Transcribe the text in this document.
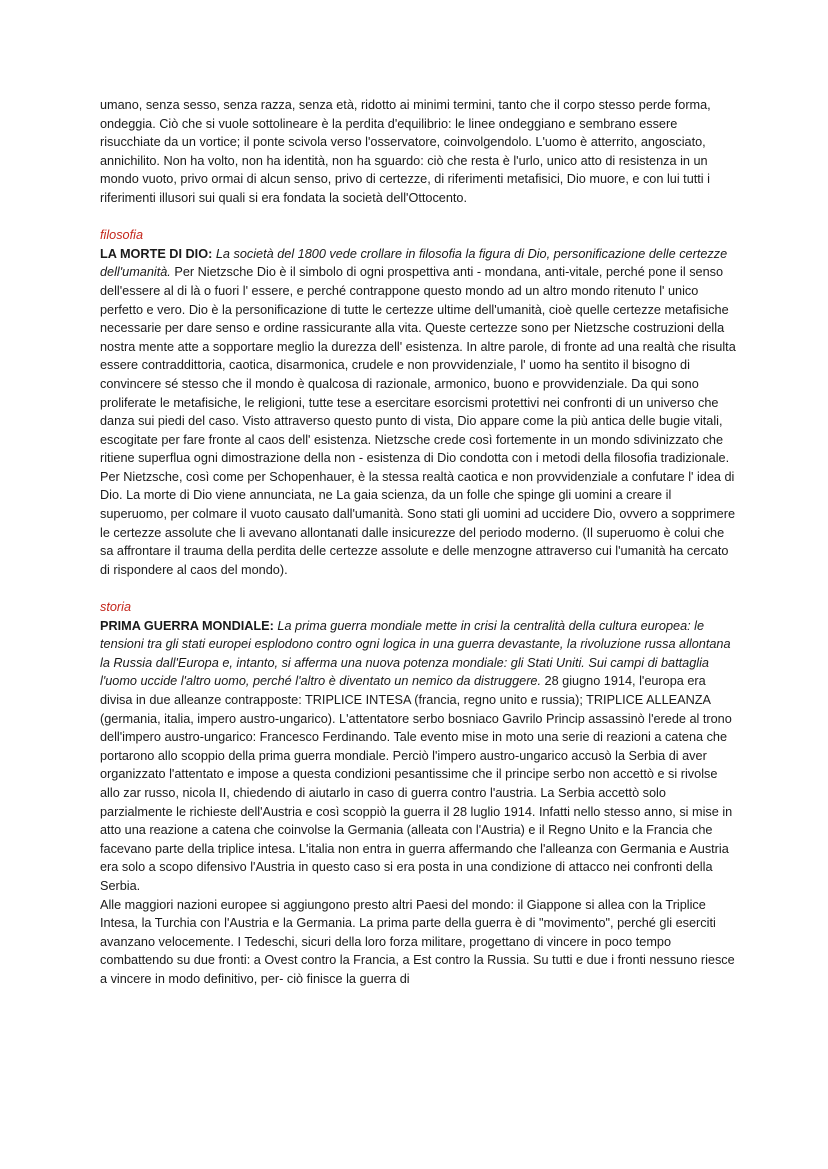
umano, senza sesso, senza razza, senza età, ridotto ai minimi termini, tanto che il corpo stesso perde forma, ondeggia. Ciò che si vuole sottolineare è la perdita d'equilibrio: le linee ondeggiano e sembrano essere risucchiate da un vortice; il ponte scivola verso l'osservatore, coinvolgendolo. L'uomo è atterrito, angosciato, annichilito. Non ha volto, non ha identità, non ha sguardo: ciò che resta è l'urlo, unico atto di resistenza in un mondo vuoto, privo ormai di alcun senso, privo di certezze, di riferimenti metafisici, Dio muore, e con lui tutti i riferimenti illusori sui quali si era fondata la società dell'Ottocento.

filosofia

LA MORTE DI DIO: La società del 1800 vede crollare in filosofia la figura di Dio, personificazione delle certezze dell'umanità. Per Nietzsche Dio è il simbolo di ogni prospettiva anti - mondana, anti-vitale, perché pone il senso dell'essere al di là o fuori l' essere, e perché contrappone questo mondo ad un altro mondo ritenuto l' unico perfetto e vero. Dio è la personificazione di tutte le certezze ultime dell'umanità, cioè quelle certezze metafisiche necessarie per dare senso e ordine rassicurante alla vita. Queste certezze sono per Nietzsche costruzioni della nostra mente atte a sopportare meglio la durezza dell' esistenza. In altre parole, di fronte ad una realtà che risulta essere contraddittoria, caotica, disarmonica, crudele e non provvidenziale, l' uomo ha sentito il bisogno di convincere sé stesso che il mondo è qualcosa di razionale, armonico, buono e provvidenziale. Da qui sono proliferate le metafisiche, le religioni, tutte tese a esercitare esorcismi protettivi nei confronti di un universo che danza sui piedi del caso. Visto attraverso questo punto di vista, Dio appare come la più antica delle bugie vitali, escogitate per fare fronte al caos dell' esistenza. Nietzsche crede così fortemente in un mondo sdivinizzato che ritiene superflua ogni dimostrazione della non - esistenza di Dio condotta con i metodi della filosofia tradizionale. Per Nietzsche, così come per Schopenhauer, è la stessa realtà caotica e non provvidenziale a confutare l' idea di Dio. La morte di Dio viene annunciata, ne La gaia scienza, da un folle che spinge gli uomini a creare il superuomo, per colmare il vuoto causato dall'umanità. Sono stati gli uomini ad uccidere Dio, ovvero a sopprimere le certezze assolute che li avevano allontanati dalle insicurezze del periodo moderno. (Il superuomo è colui che sa affrontare il trauma della perdita delle certezze assolute e delle menzogne attraverso cui l'umanità ha cercato di rispondere al caos del mondo).

storia

PRIMA GUERRA MONDIALE: La prima guerra mondiale mette in crisi la centralità della cultura europea: le tensioni tra gli stati europei esplodono contro ogni logica in una guerra devastante, la rivoluzione russa allontana la Russia dall'Europa e, intanto, si afferma una nuova potenza mondiale: gli Stati Uniti. Sui campi di battaglia l'uomo uccide l'altro uomo, perché l'altro è diventato un nemico da distruggere. 28 giugno 1914, l'europa era divisa in due alleanze contrapposte: TRIPLICE INTESA (francia, regno unito e russia); TRIPLICE ALLEANZA (germania, italia, impero austro-ungarico). L'attentatore serbo bosniaco Gavrilo Princip assassinò l'erede al trono dell'impero austro-ungarico: Francesco Ferdinando. Tale evento mise in moto una serie di reazioni a catena che portarono allo scoppio della prima guerra mondiale. Perciò l'impero austro-ungarico accusò la Serbia di aver organizzato l'attentato e impose a questa condizioni pesantissime che il principe serbo non accettò e si rivolse allo zar russo, nicola II, chiedendo di aiutarlo in caso di guerra contro l'austria. La Serbia accettò solo parzialmente le richieste dell'Austria e così scoppiò la guerra il 28 luglio 1914. Infatti nello stesso anno, si mise in atto una reazione a catena che coinvolse la Germania (alleata con l'Austria) e il Regno Unito e la Francia che facevano parte della triplice intesa. L'italia non entra in guerra affermando che l'alleanza con Germania e Austria era solo a scopo difensivo l'Austria in questo caso si era posta in una condizione di attacco nei confronti della Serbia.

Alle maggiori nazioni europee si aggiungono presto altri Paesi del mondo: il Giappone si allea con la Triplice Intesa, la Turchia con l'Austria e la Germania. La prima parte della guerra è di "movimento", perché gli eserciti avanzano velocemente. I Tedeschi, sicuri della loro forza militare, progettano di vincere in poco tempo combattendo su due fronti: a Ovest contro la Francia, a Est contro la Russia. Su tutti e due i fronti nessuno riesce a vincere in modo definitivo, per- ciò finisce la guerra di
